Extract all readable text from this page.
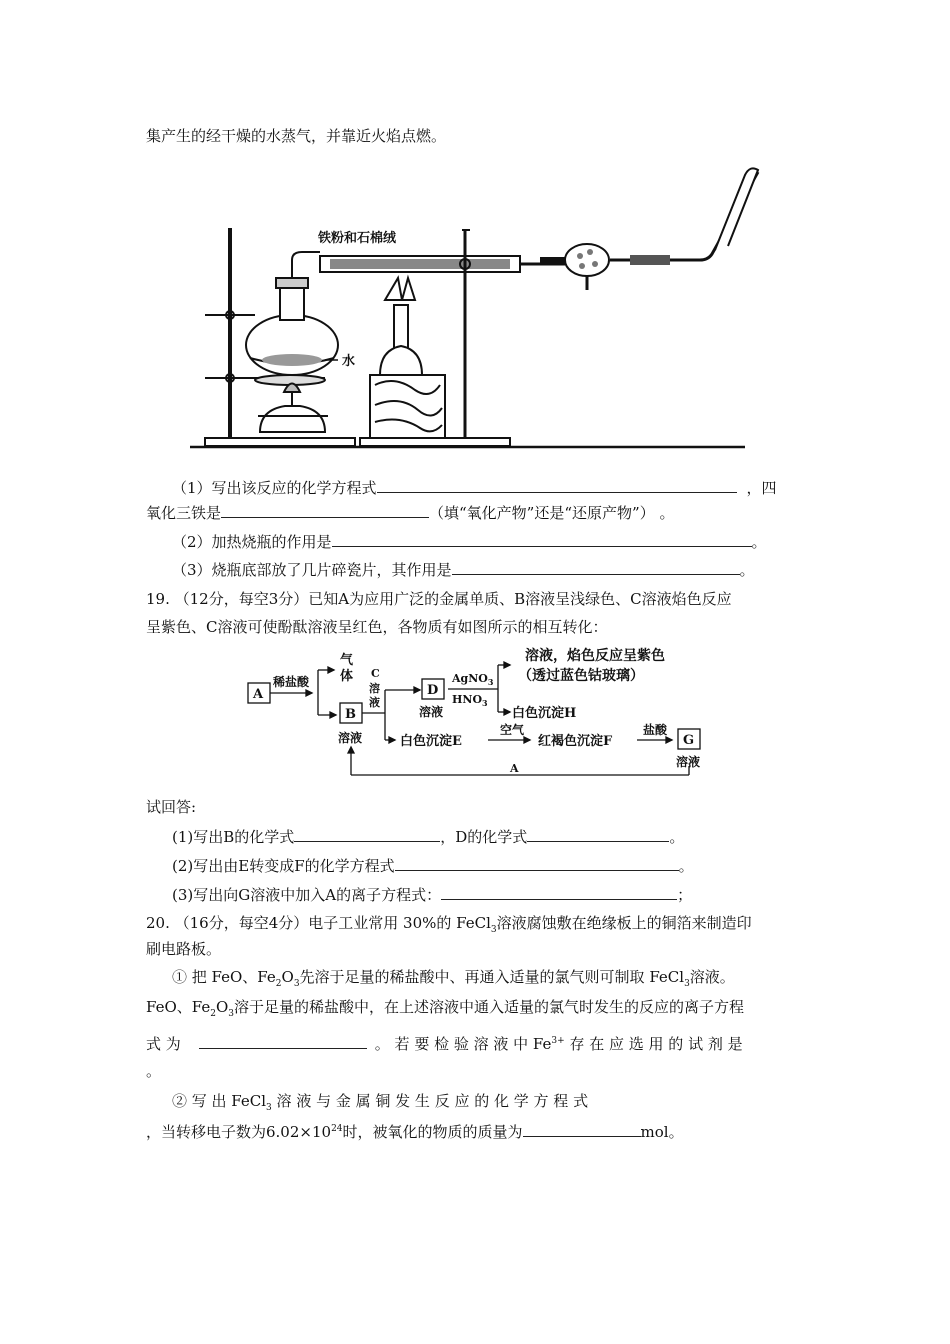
集产生的经干燥的水蒸气，并靠近火焰点燃。
铁粉和石棉绒
水
（1）写出该反应的化学方程式	，四
氧化三铁是	（填“氧化产物”还是“还原产物”） 。
（2）加热烧瓶的作用是	。
（3）烧瓶底部放了几片碎瓷片，其作用是	。
19. （12分，每空3分）已知A为应用广泛的金属单质、B溶液呈浅绿色、C溶液焰色反应
呈紫色、C溶液可使酚酞溶液呈红色，各物质有如图所示的相互转化：
A
稀盐酸
气
体 C
溶
液
B
溶液
D
溶液
AgNO$_3$
$HNO_3$
溶液，焰色反应呈紫色
（透过蓝色钴玻璃）
白色沉淀H
白色沉淀E
空气
红褐色沉淀F
盐酸
G
溶液
A
试回答:
(1)写出B的化学式	，D的化学式	。
(2)写出由E转变成F的化学方程式	。
(3)写出向G溶液中加入A的离子方程式：	；
20. （16分，每空4分）电子工业常用 30%的 FeCl$_3$溶液腐蚀敷在绝缘板上的铜箔来制造印
刷电路板。
① 把 FeO、$Fe_2O_3$先溶于足量的稀盐酸中、再通入适量的氯气则可制取 FeCl$_3$溶液。
FeO、$Fe_2O_3$溶于足量的稀盐酸中，在上述溶液中通入适量的氯气时发生的反应的离子方程
式 为	。 若 要 检 验 溶 液 中 $Fe^{3+}$ 存 在 应 选 用 的 试 剂 是
。
② 写 出 FeCl$_3$ 溶 液 与 金 属 铜 发 生 反 应 的 化 学 方 程 式
，当转移电子数为$6.02\times 10^{24}$时，被氧化的物质的质量为	mol。
